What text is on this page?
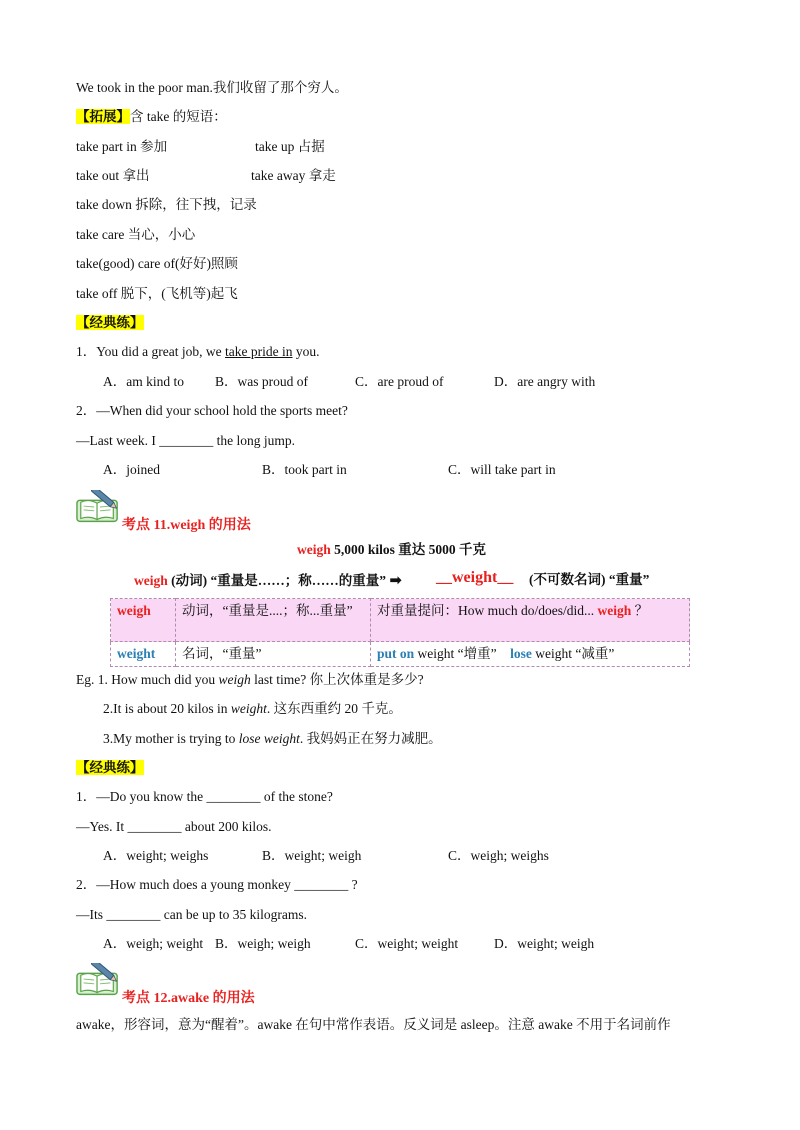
We took in the poor man.我们收留了那个穷人。
【拓展】含 take 的短语：
take part in 参加	take up 占据
take out 拿出	take away 拿走
take down 拆除，往下拽，记录
take care 当心，小心
take(good) care of(好好)照顾
take off 脱下，(飞机等)起飞
【经典练】
1．You did a great job, we take pride in you.
A．am kind to B．was proud of	C．are proud of	D．are angry with
2．—When did your school hold the sports meet?
—Last week. I ________ the long jump.
A．joined	B．took part in	C．will take part in
考点 11.weigh 的用法
weigh 5,000 kilos 重达 5000 千克
weigh (动词) “重量是……；称……的重量” ➡ __weight__ (不可数名词) “重量”
weigh	动词，“重量是....；称...重量”	对重量提问：How much do/does/did... weigh ？
weight	名词，“重量”	put on weight “增重” lose weight “减重”
Eg. 1. How much did you weigh last time? 你上次体重是多少?
2.It is about 20 kilos in weight. 这东西重约 20 千克。
3.My mother is trying to lose weight. 我妈妈正在努力减肥。
【经典练】
1．—Do you know the ________ of the stone?
—Yes. It ________ about 200 kilos.
A．weight; weighs	B．weight; weigh	C．weigh; weighs
2．—How much does a young monkey ________ ?
—Its ________ can be up to 35 kilograms.
A．weigh; weight B．weigh; weigh	C．weight; weight	D．weight; weigh
考点 12.awake 的用法
awake，形容词，意为“醒着”。awake 在句中常作表语。反义词是 asleep。注意 awake 不用于名词前作
